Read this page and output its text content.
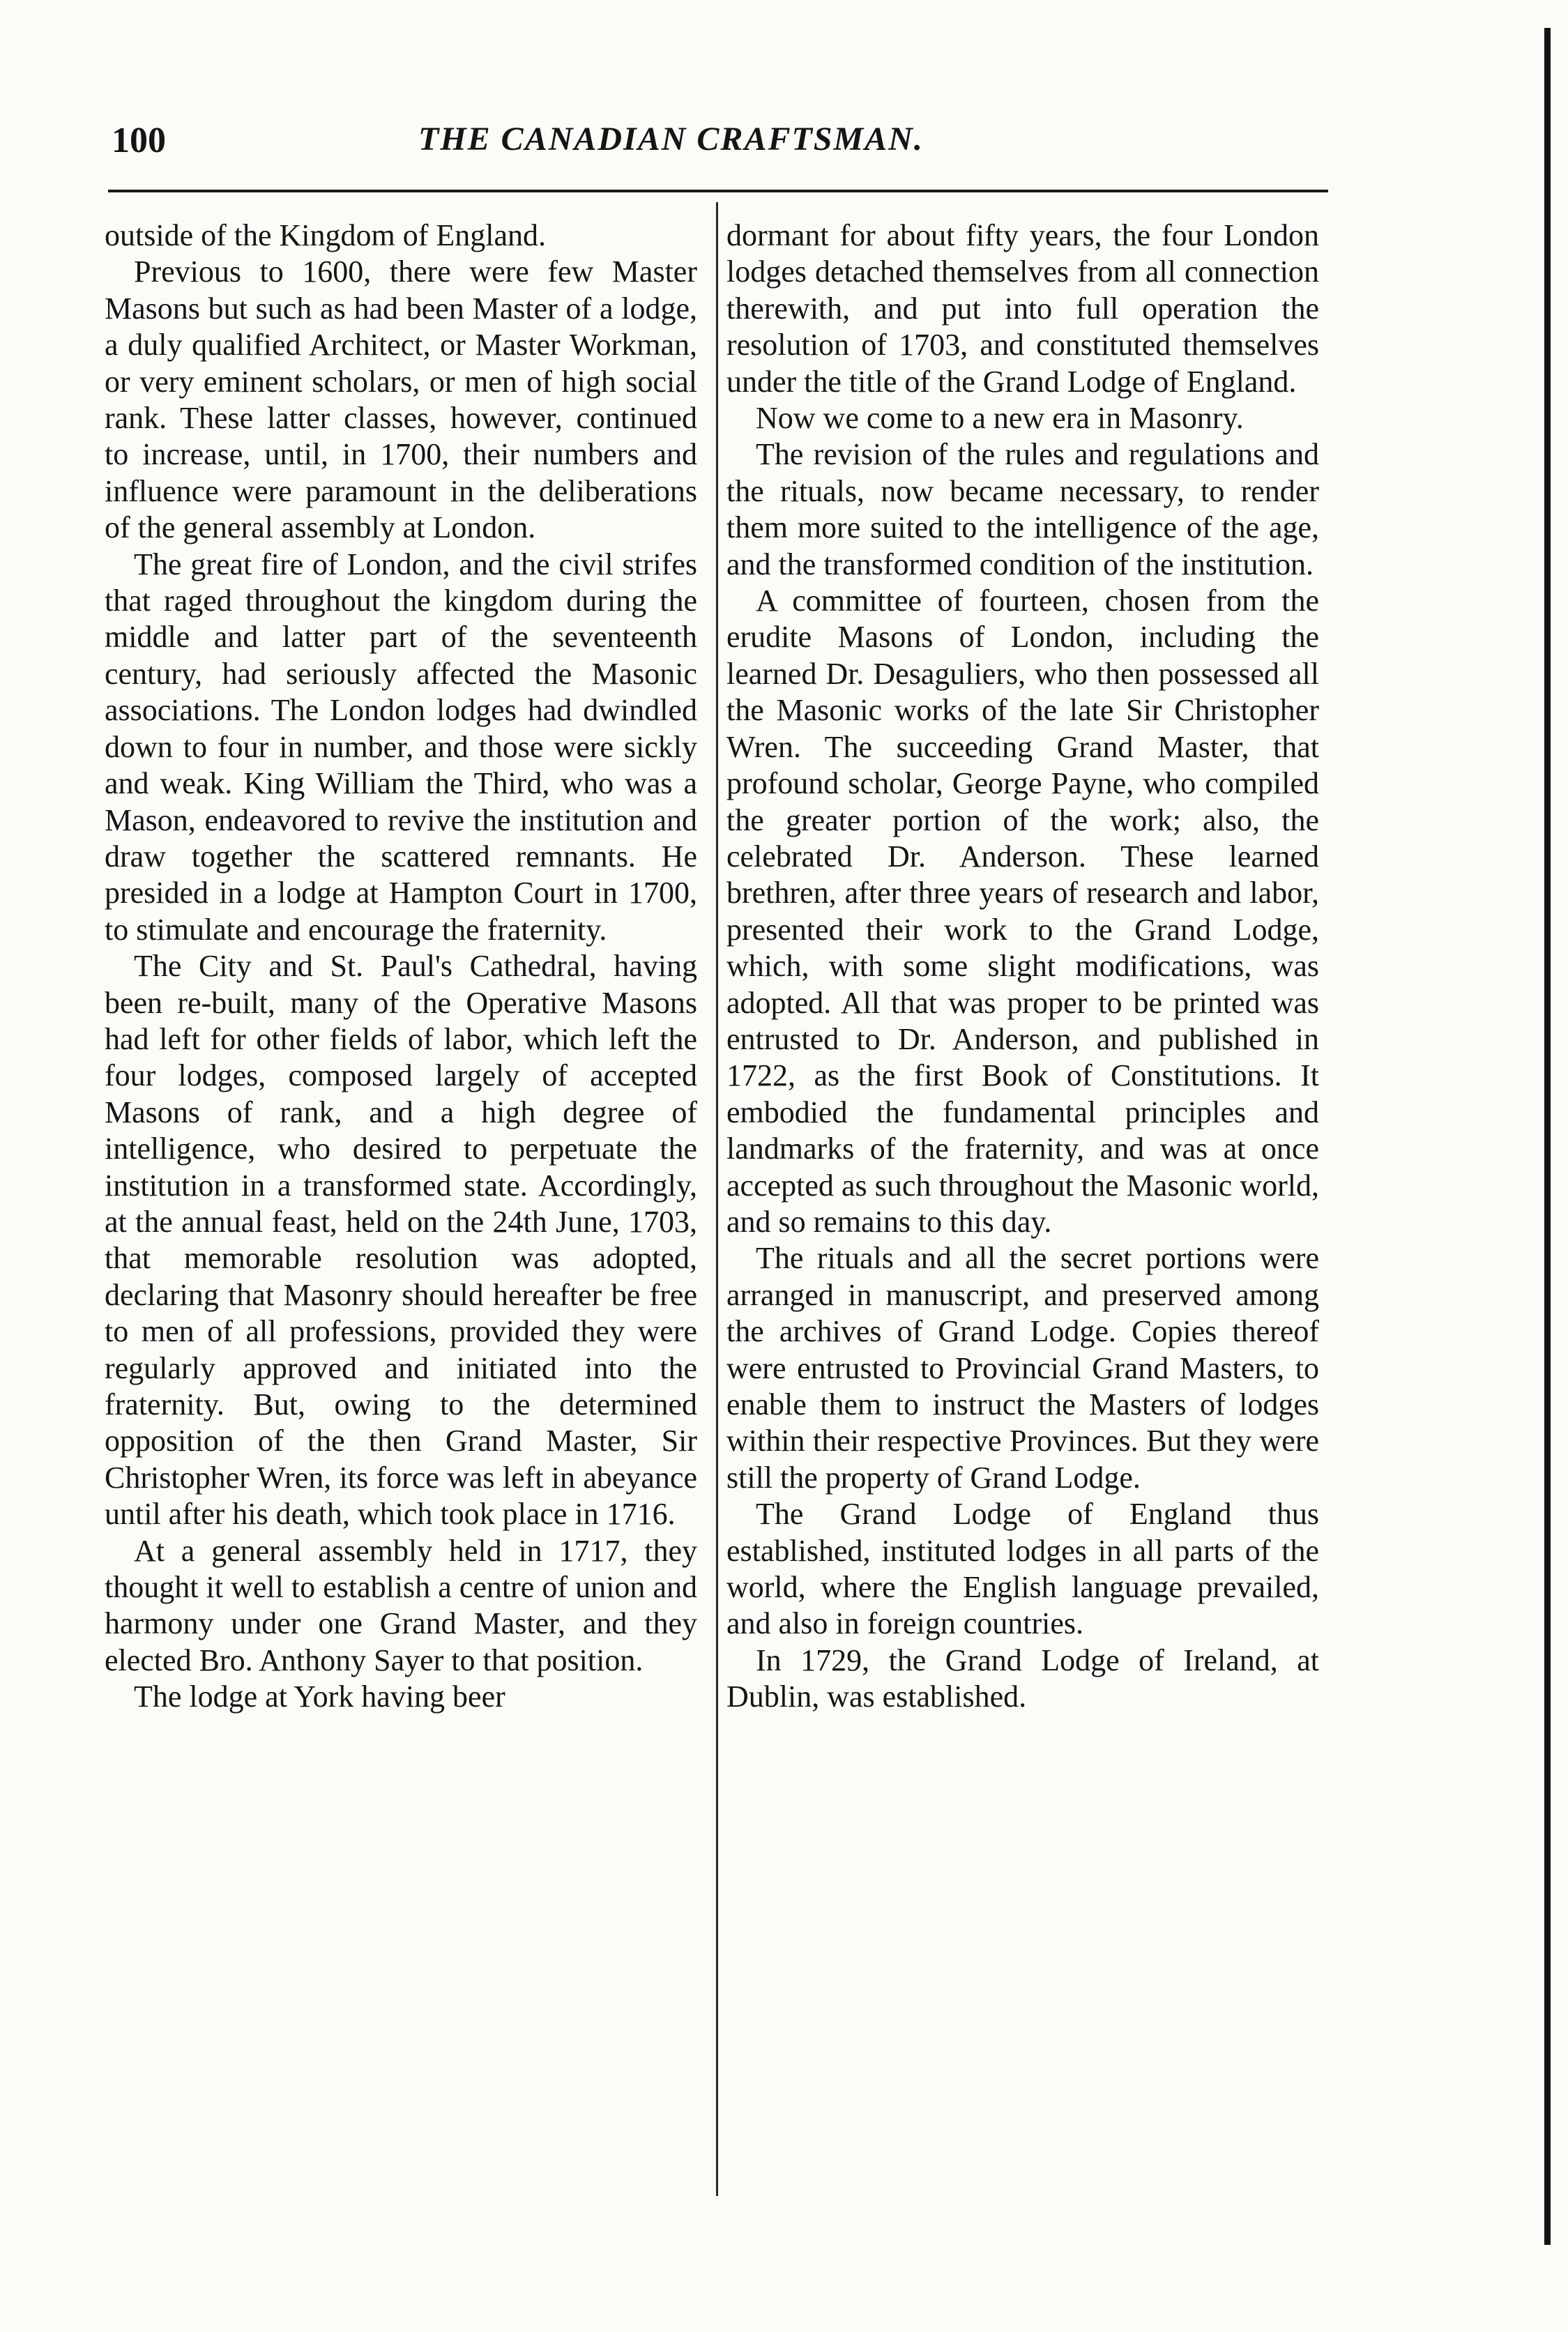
100	THE CANADIAN CRAFTSMAN.

outside of the Kingdom of England.

Previous to 1600, there were few Master Masons but such as had been Master of a lodge, a duly qualified Architect, or Master Workman, or very eminent scholars, or men of high social rank. These latter classes, however, continued to increase, until, in 1700, their numbers and influence were paramount in the deliberations of the general assembly at London.

The great fire of London, and the civil strifes that raged throughout the kingdom during the middle and latter part of the seventeenth century, had seriously affected the Masonic associations. The London lodges had dwindled down to four in number, and those were sickly and weak. King William the Third, who was a Mason, endeavored to revive the institution and draw together the scattered remnants. He presided in a lodge at Hampton Court in 1700, to stimulate and encourage the fraternity.

The City and St. Paul's Cathedral, having been re-built, many of the Operative Masons had left for other fields of labor, which left the four lodges, composed largely of accepted Masons of rank, and a high degree of intelligence, who desired to perpetuate the institution in a transformed state. Accordingly, at the annual feast, held on the 24th June, 1703, that memorable resolution was adopted, declaring that Masonry should hereafter be free to men of all professions, provided they were regularly approved and initiated into the fraternity. But, owing to the determined opposition of the then Grand Master, Sir Christopher Wren, its force was left in abeyance until after his death, which took place in 1716.

At a general assembly held in 1717, they thought it well to establish a centre of union and harmony under one Grand Master, and they elected Bro. Anthony Sayer to that position.

The lodge at York having beer

dormant for about fifty years, the four London lodges detached themselves from all connection therewith, and put into full operation the resolution of 1703, and constituted themselves under the title of the Grand Lodge of England.

Now we come to a new era in Masonry.

The revision of the rules and regulations and the rituals, now became necessary, to render them more suited to the intelligence of the age, and the transformed condition of the institution.

A committee of fourteen, chosen from the erudite Masons of London, including the learned Dr. Desaguliers, who then possessed all the Masonic works of the late Sir Christopher Wren. The succeeding Grand Master, that profound scholar, George Payne, who compiled the greater portion of the work; also, the celebrated Dr. Anderson. These learned brethren, after three years of research and labor, presented their work to the Grand Lodge, which, with some slight modifications, was adopted. All that was proper to be printed was entrusted to Dr. Anderson, and published in 1722, as the first Book of Constitutions. It embodied the fundamental principles and landmarks of the fraternity, and was at once accepted as such throughout the Masonic world, and so remains to this day.

The rituals and all the secret portions were arranged in manuscript, and preserved among the archives of Grand Lodge. Copies thereof were entrusted to Provincial Grand Masters, to enable them to instruct the Masters of lodges within their respective Provinces. But they were still the property of Grand Lodge.

The Grand Lodge of England thus established, instituted lodges in all parts of the world, where the English language prevailed, and also in foreign countries.

In 1729, the Grand Lodge of Ireland, at Dublin, was established.
